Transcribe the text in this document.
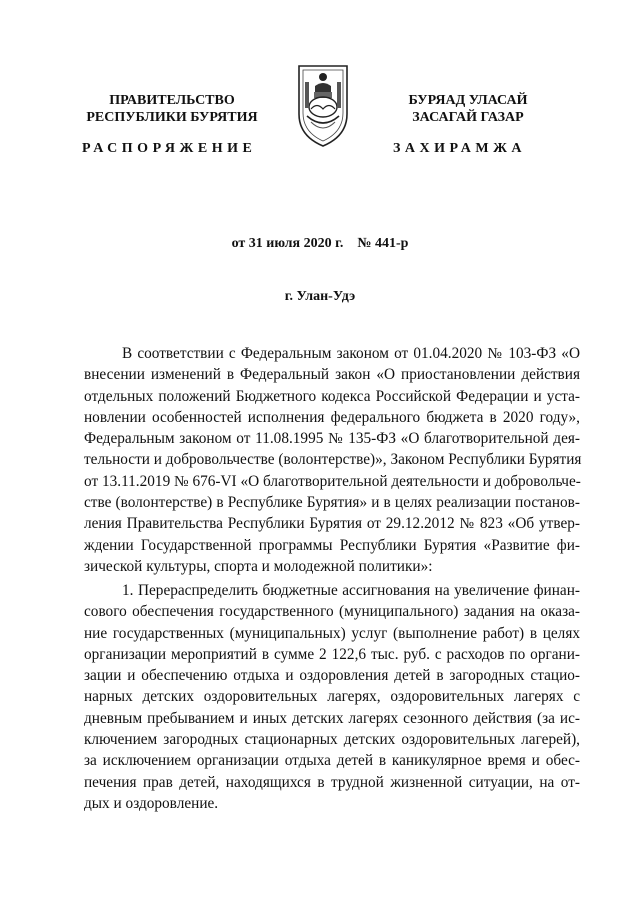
ПРАВИТЕЛЬСТВО
РЕСПУБЛИКИ БУРЯТИЯ
БУРЯАД УЛАСАЙ
ЗАСАГАЙ ГАЗАР
РАСПОРЯЖЕНИЕ	ЗАХИРАМЖА
от 31 июля 2020 г. № 441-р
г. Улан-Удэ
В соответствии с Федеральным законом от 01.04.2020 № 103-ФЗ «О
внесении изменений в Федеральный закон «О приостановлении действия
отдельных положений Бюджетного кодекса Российской Федерации и уста-
новлении особенностей исполнения федерального бюджета в 2020 году»,
Федеральным законом от 11.08.1995 № 135-ФЗ «О благотворительной дея-
тельности и добровольчестве (волонтерстве)», Законом Республики Бурятия
от 13.11.2019 № 676-VI «О благотворительной деятельности и добровольче-
стве (волонтерстве) в Республике Бурятия» и в целях реализации постанов-
ления Правительства Республики Бурятия от 29.12.2012 № 823 «Об утвер-
ждении Государственной программы Республики Бурятия «Развитие фи-
зической культуры, спорта и молодежной политики»:
1. Перераспределить бюджетные ассигнования на увеличение финан-
сового обеспечения государственного (муниципального) задания на оказа-
ние государственных (муниципальных) услуг (выполнение работ) в целях
организации мероприятий в сумме 2 122,6 тыс. руб. с расходов по органи-
зации и обеспечению отдыха и оздоровления детей в загородных стацио-
нарных детских оздоровительных лагерях, оздоровительных лагерях с
дневным пребыванием и иных детских лагерях сезонного действия (за ис-
ключением загородных стационарных детских оздоровительных лагерей),
за исключением организации отдыха детей в каникулярное время и обес-
печения прав детей, находящихся в трудной жизненной ситуации, на от-
дых и оздоровление.
